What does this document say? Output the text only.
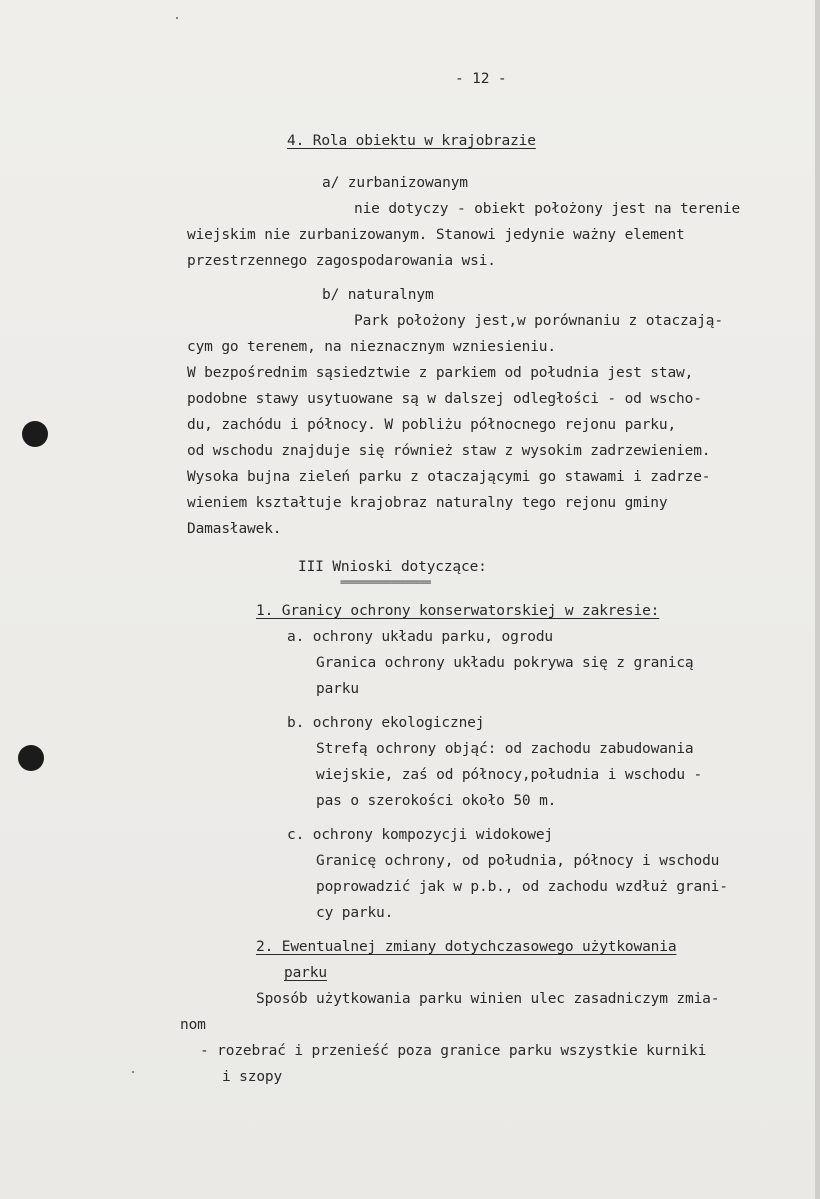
- 12 -
4. Rola obiektu w krajobrazie
a/ zurbanizowanym
nie dotyczy - obiekt położony jest na terenie
wiejskim nie zurbanizowanym. Stanowi jedynie ważny element
przestrzennego zagospodarowania wsi.
b/ naturalnym
Park położony jest,w porównaniu z otaczają-
cym go terenem, na nieznacznym wzniesieniu.
W bezpośrednim sąsiedztwie z parkiem od południa jest staw,
podobne stawy usytuowane są w dalszej odległości - od wscho-
du, zachódu i północy. W pobliżu północnego rejonu parku,
od wschodu znajduje się również staw z wysokim zadrzewieniem.
Wysoka bujna zieleń parku z otaczającymi go stawami i zadrze-
wieniem kształtuje krajobraz naturalny tego rejonu gminy
Damasławek.
III Wnioski dotyczące:
1. Granicy ochrony konserwatorskiej w zakresie:
a. ochrony układu parku, ogrodu
Granica ochrony układu pokrywa się z granicą
parku
b. ochrony ekologicznej
Strefą ochrony objąć: od zachodu zabudowania
wiejskie, zaś od północy,południa i wschodu -
pas o szerokości około 50 m.
c. ochrony kompozycji widokowej
Granicę ochrony, od południa, północy i wschodu
poprowadzić jak w p.b., od zachodu wzdłuż grani-
cy parku.
2. Ewentualnej zmiany dotychczasowego użytkowania
parku
Sposób użytkowania parku winien ulec zasadniczym zmia-
nom
- rozebrać i przenieść poza granice parku wszystkie kurniki
i szopy
==================
